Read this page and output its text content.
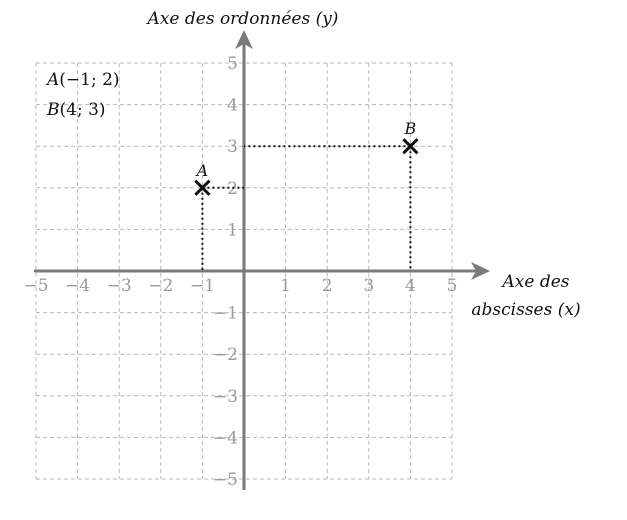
−5 −4 −3 −2 −1	1 2 3 4 5
5
4
3
2
1
−1
−2
−3
−4
−5
A
B
Axe des ordonnées (y)
Axe des
abscisses (x)
A(−1; 2)
B(4; 3)
